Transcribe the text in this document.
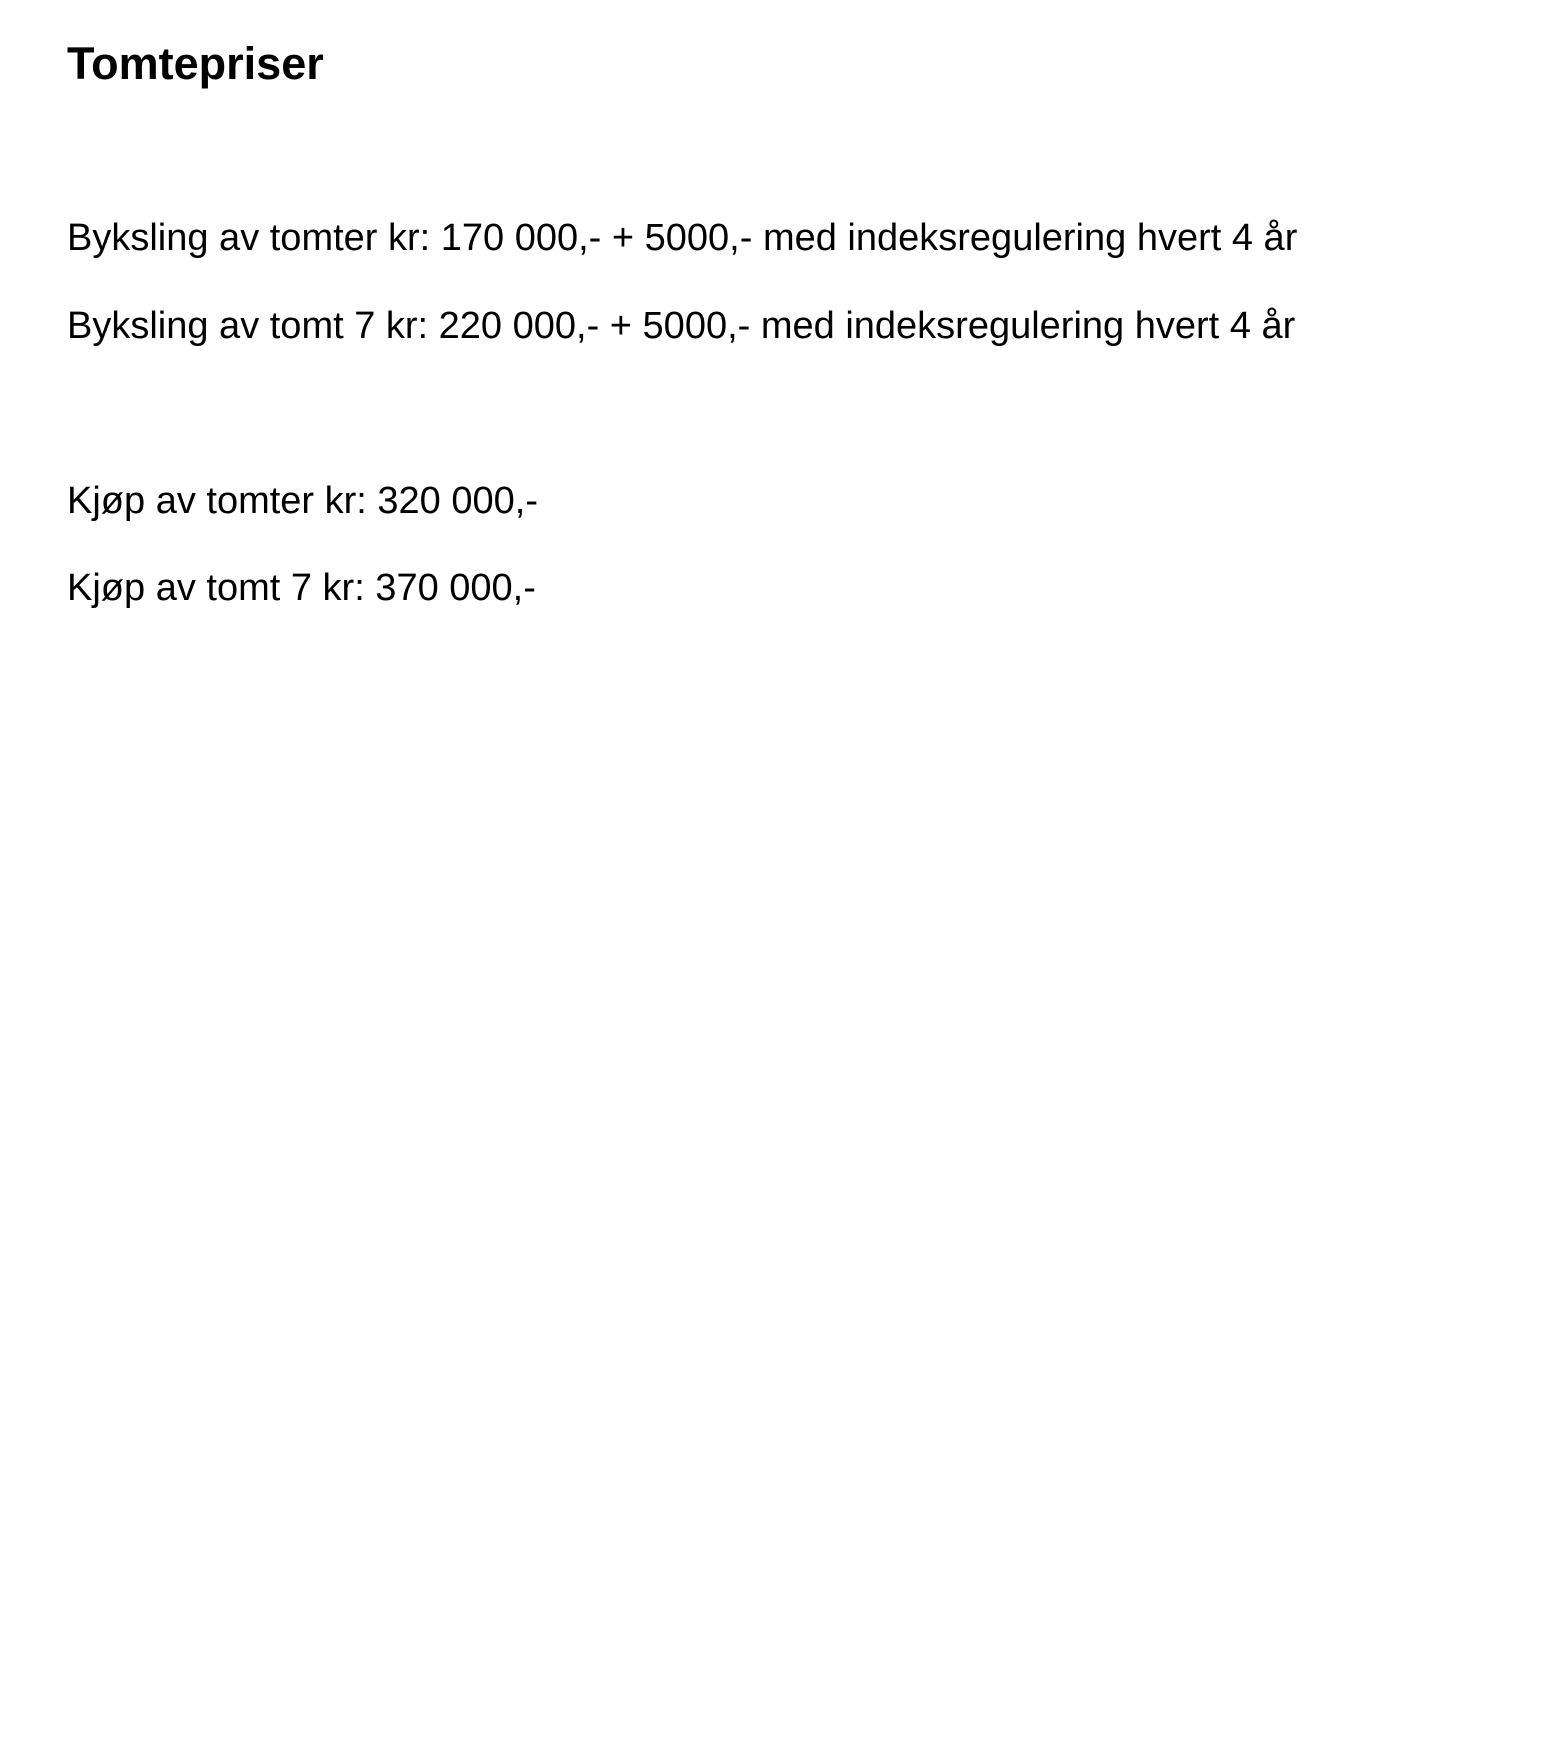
Tomtepriser

Byksling av tomter kr: 170 000,- + 5000,- med indeksregulering hvert 4 år

Byksling av tomt 7 kr: 220 000,- + 5000,- med indeksregulering hvert 4 år

Kjøp av tomter kr: 320 000,-

Kjøp av tomt 7 kr: 370 000,-
